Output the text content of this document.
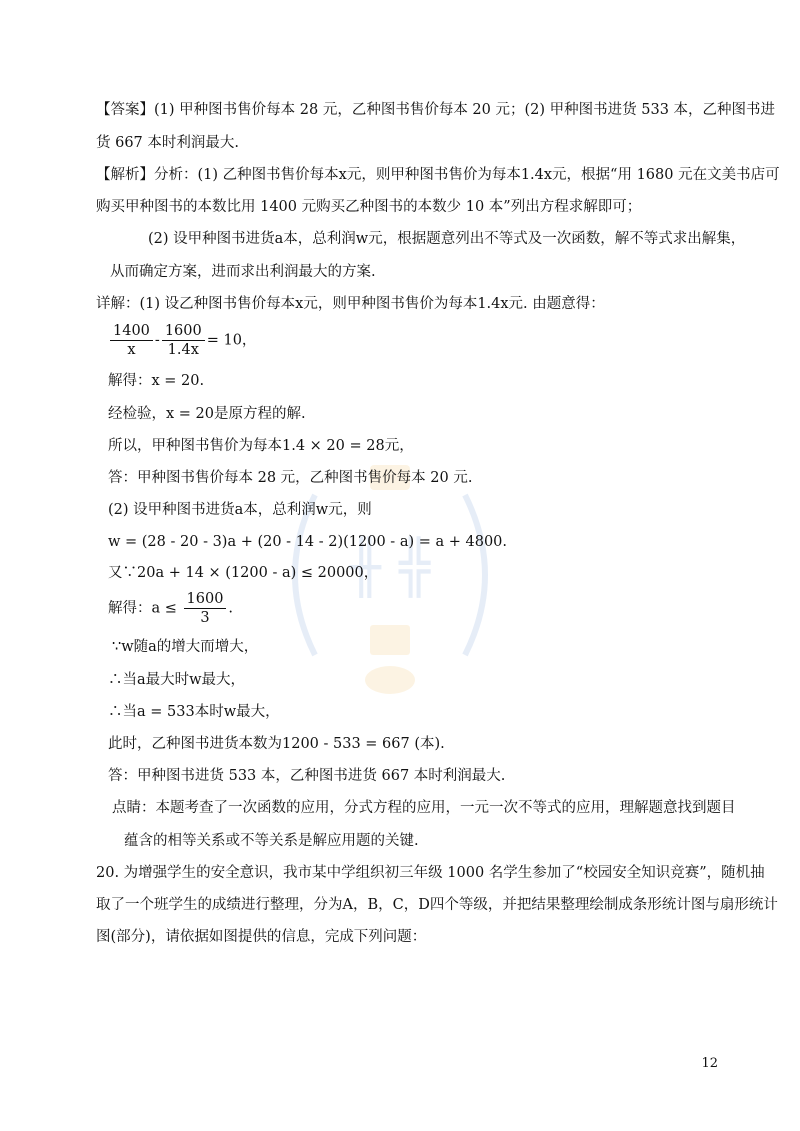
╫ ╬
【答案】(1) 甲种图书售价每本 28 元，乙种图书售价每本 20 元；(2) 甲种图书进货 533 本，乙种图书进
货 667 本时利润最大.
【解析】分析：(1) 乙种图书售价每本x元，则甲种图书售价为每本1.4x元，根据“用 1680 元在文美书店可
购买甲种图书的本数比用 1400 元购买乙种图书的本数少 10 本”列出方程求解即可；
(2) 设甲种图书进货a本，总利润w元，根据题意列出不等式及一次函数，解不等式求出解集，
从而确定方案，进而求出利润最大的方案.
详解：(1) 设乙种图书售价每本x元，则甲种图书售价为每本1.4x元. 由题意得：
$\frac{1400}{x} - \frac{1600}{1.4x} = 10$，
解得：x = 20.
经检验，x = 20是原方程的解.
所以，甲种图书售价为每本1.4 × 20 = 28元，
答：甲种图书售价每本 28 元，乙种图书售价每本 20 元.
(2) 设甲种图书进货a本，总利润w元，则
w = (28 - 20 - 3)a + (20 - 14 - 2)(1200 - a) = a + 4800.
又∵20a + 14 × (1200 - a) ≤ 20000，
解得：$a \le \frac{1600}{3}$ .
∵w随a的增大而增大，
∴当a最大时w最大，
∴当a = 533本时w最大，
此时，乙种图书进货本数为1200 - 533 = 667 (本).
答：甲种图书进货 533 本，乙种图书进货 667 本时利润最大.
点睛：本题考查了一次函数的应用，分式方程的应用，一元一次不等式的应用，理解题意找到题目
蕴含的相等关系或不等关系是解应用题的关键.
20. 为增强学生的安全意识，我市某中学组织初三年级 1000 名学生参加了“校园安全知识竞赛”，随机抽
取了一个班学生的成绩进行整理，分为A，B，C，D四个等级，并把结果整理绘制成条形统计图与扇形统计
图(部分)，请依据如图提供的信息，完成下列问题：
12
